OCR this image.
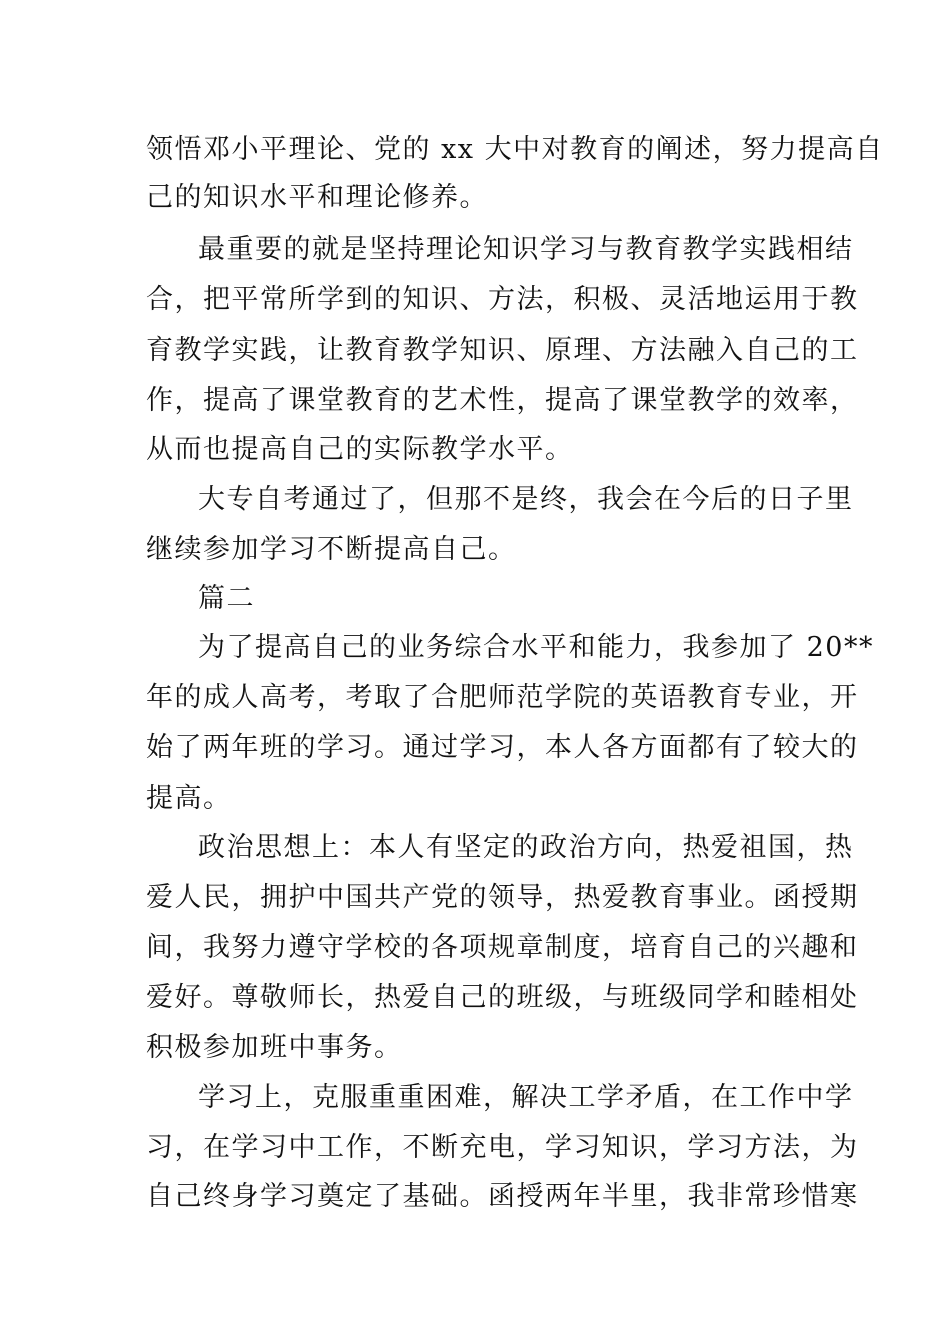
领悟邓小平理论、党的 xx 大中对教育的阐述，努力提高自
己的知识水平和理论修养。
最重要的就是坚持理论知识学习与教育教学实践相结
合，把平常所学到的知识、方法，积极、灵活地运用于教
育教学实践，让教育教学知识、原理、方法融入自己的工
作，提高了课堂教育的艺术性，提高了课堂教学的效率，
从而也提高自己的实际教学水平。
大专自考通过了，但那不是终，我会在今后的日子里
继续参加学习不断提高自己。
篇二
为了提高自己的业务综合水平和能力，我参加了 20**
年的成人高考，考取了合肥师范学院的英语教育专业，开
始了两年班的学习。通过学习，本人各方面都有了较大的
提高。
政治思想上：本人有坚定的政治方向，热爱祖国，热
爱人民，拥护中国共产党的领导，热爱教育事业。函授期
间，我努力遵守学校的各项规章制度，培育自己的兴趣和
爱好。尊敬师长，热爱自己的班级，与班级同学和睦相处
积极参加班中事务。
学习上，克服重重困难，解决工学矛盾，在工作中学
习，在学习中工作，不断充电，学习知识，学习方法，为
自己终身学习奠定了基础。函授两年半里，我非常珍惜寒
